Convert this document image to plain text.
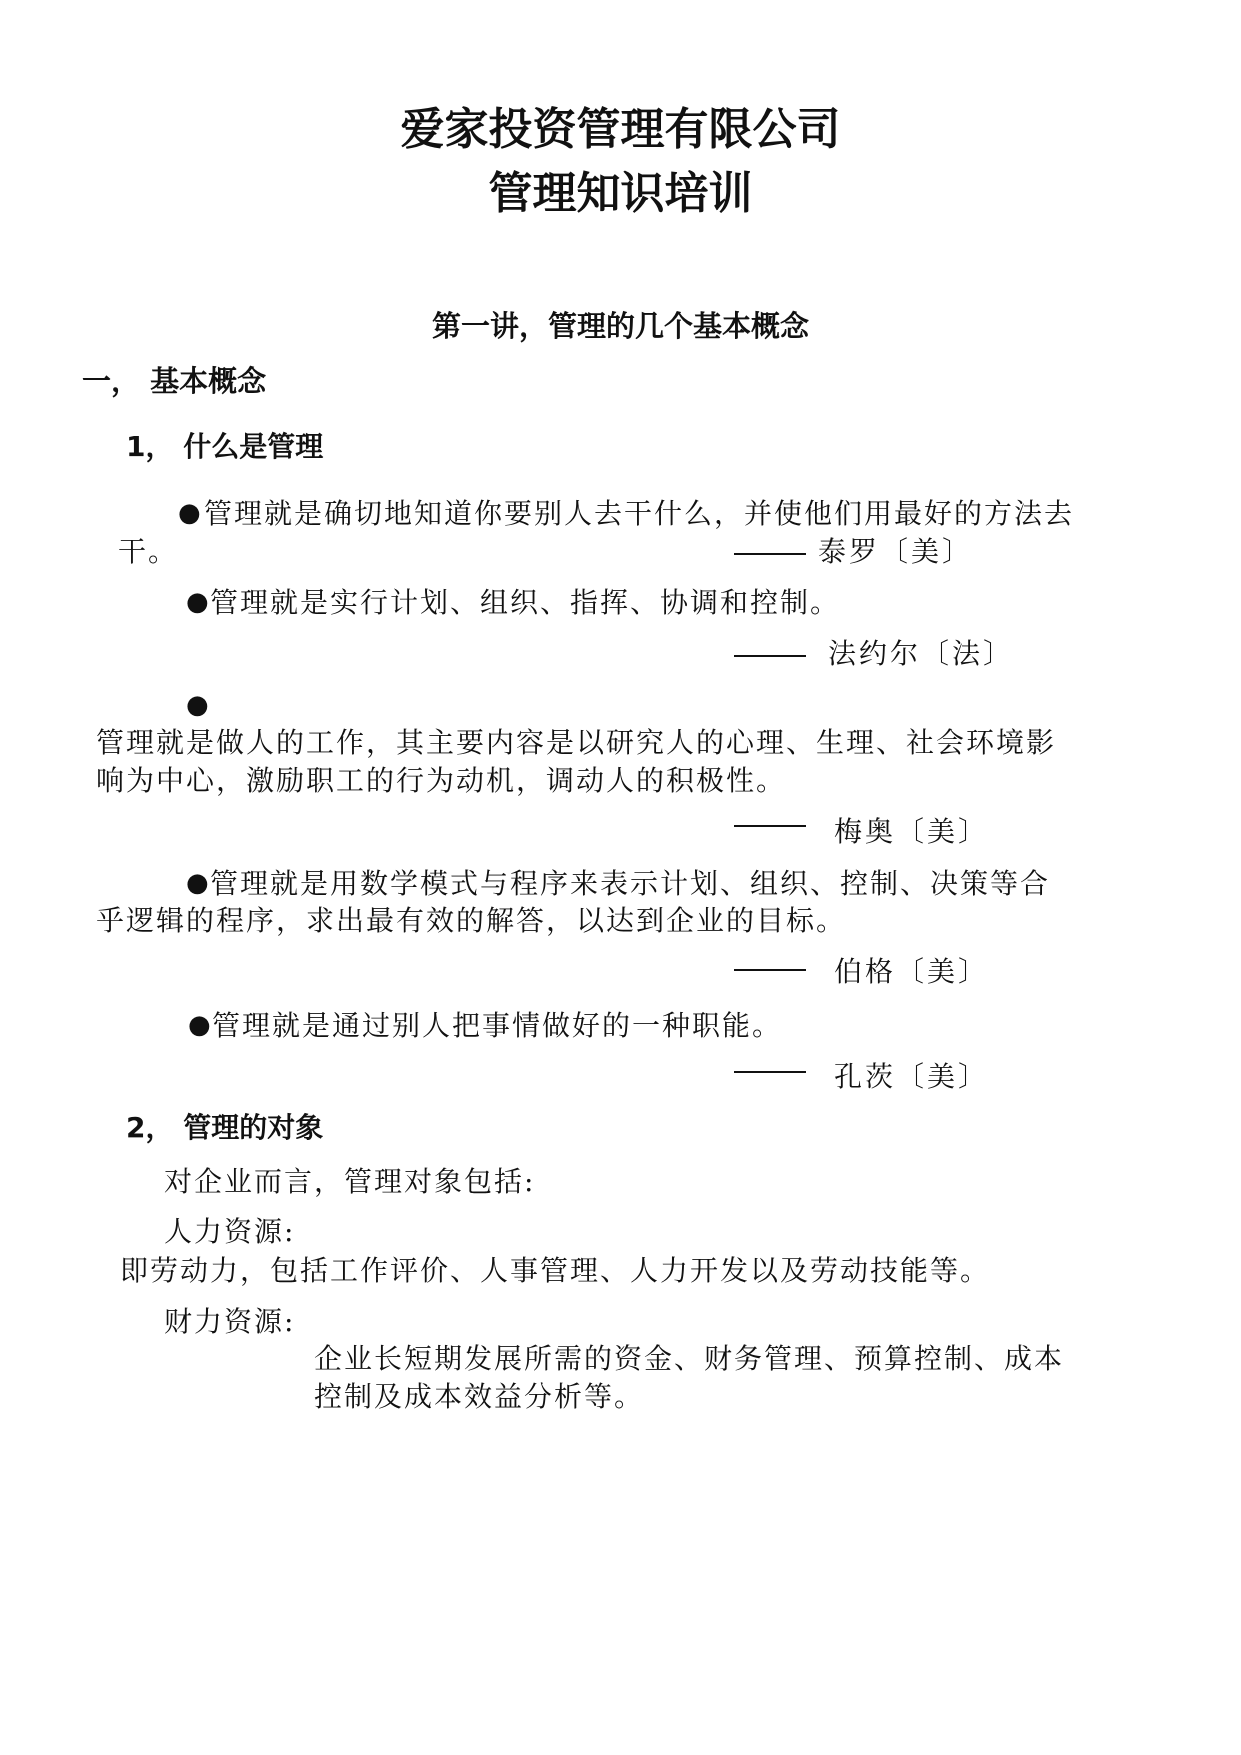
爱家投资管理有限公司
管理知识培训
第一讲，管理的几个基本概念
一， 基本概念
1， 什么是管理
● 管理就是确切地知道你要别人去干什么，并使他们用最好的方法去
干。	泰罗〔美〕
● 管理就是实行计划、组织、指挥、协调和控制。
法约尔〔法〕
●
管理就是做人的工作，其主要内容是以研究人的心理、生理、社会环境影
响为中心，激励职工的行为动机，调动人的积极性。
梅奥〔美〕
● 管理就是用数学模式与程序来表示计划、组织、控制、决策等合
乎逻辑的程序，求出最有效的解答，以达到企业的目标。
伯格〔美〕
● 管理就是通过别人把事情做好的一种职能。
孔茨〔美〕
2， 管理的对象
对企业而言，管理对象包括:
人力资源:
即劳动力，包括工作评价、人事管理、人力开发以及劳动技能等。
财力资源:
企业长短期发展所需的资金、财务管理、预算控制、成本
控制及成本效益分析等。
